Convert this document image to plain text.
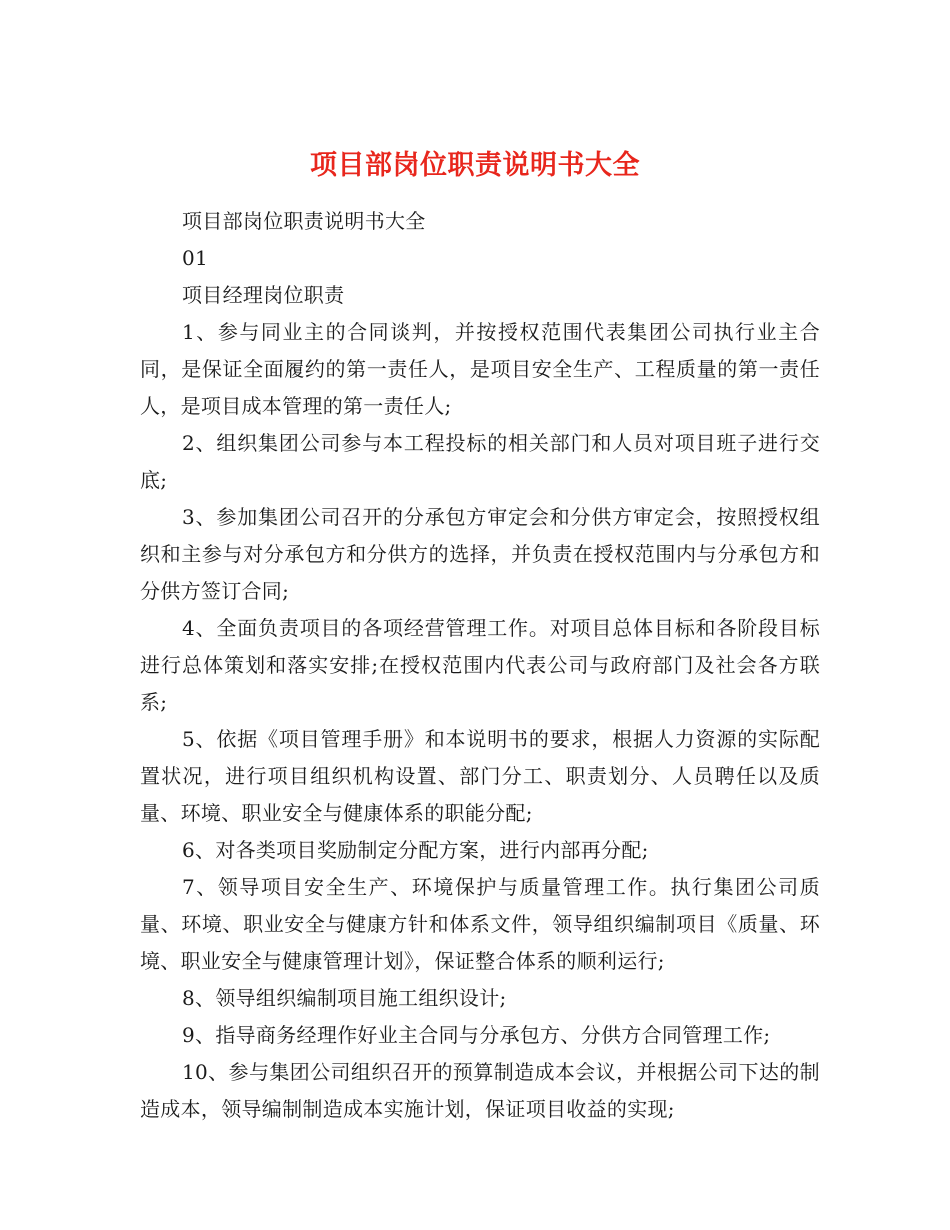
项目部岗位职责说明书大全

项目部岗位职责说明书大全

01

项目经理岗位职责

1、参与同业主的合同谈判，并按授权范围代表集团公司执行业主合同，是保证全面履约的第一责任人，是项目安全生产、工程质量的第一责任人，是项目成本管理的第一责任人;

2、组织集团公司参与本工程投标的相关部门和人员对项目班子进行交底;

3、参加集团公司召开的分承包方审定会和分供方审定会，按照授权组织和主参与对分承包方和分供方的选择，并负责在授权范围内与分承包方和分供方签订合同;

4、全面负责项目的各项经营管理工作。对项目总体目标和各阶段目标进行总体策划和落实安排;在授权范围内代表公司与政府部门及社会各方联系;

5、依据《项目管理手册》和本说明书的要求，根据人力资源的实际配置状况，进行项目组织机构设置、部门分工、职责划分、人员聘任以及质量、环境、职业安全与健康体系的职能分配;

6、对各类项目奖励制定分配方案，进行内部再分配;

7、领导项目安全生产、环境保护与质量管理工作。执行集团公司质量、环境、职业安全与健康方针和体系文件，领导组织编制项目《质量、环境、职业安全与健康管理计划》，保证整合体系的顺利运行;

8、领导组织编制项目施工组织设计;

9、指导商务经理作好业主合同与分承包方、分供方合同管理工作;

10、参与集团公司组织召开的预算制造成本会议，并根据公司下达的制造成本，领导编制制造成本实施计划，保证项目收益的实现;
